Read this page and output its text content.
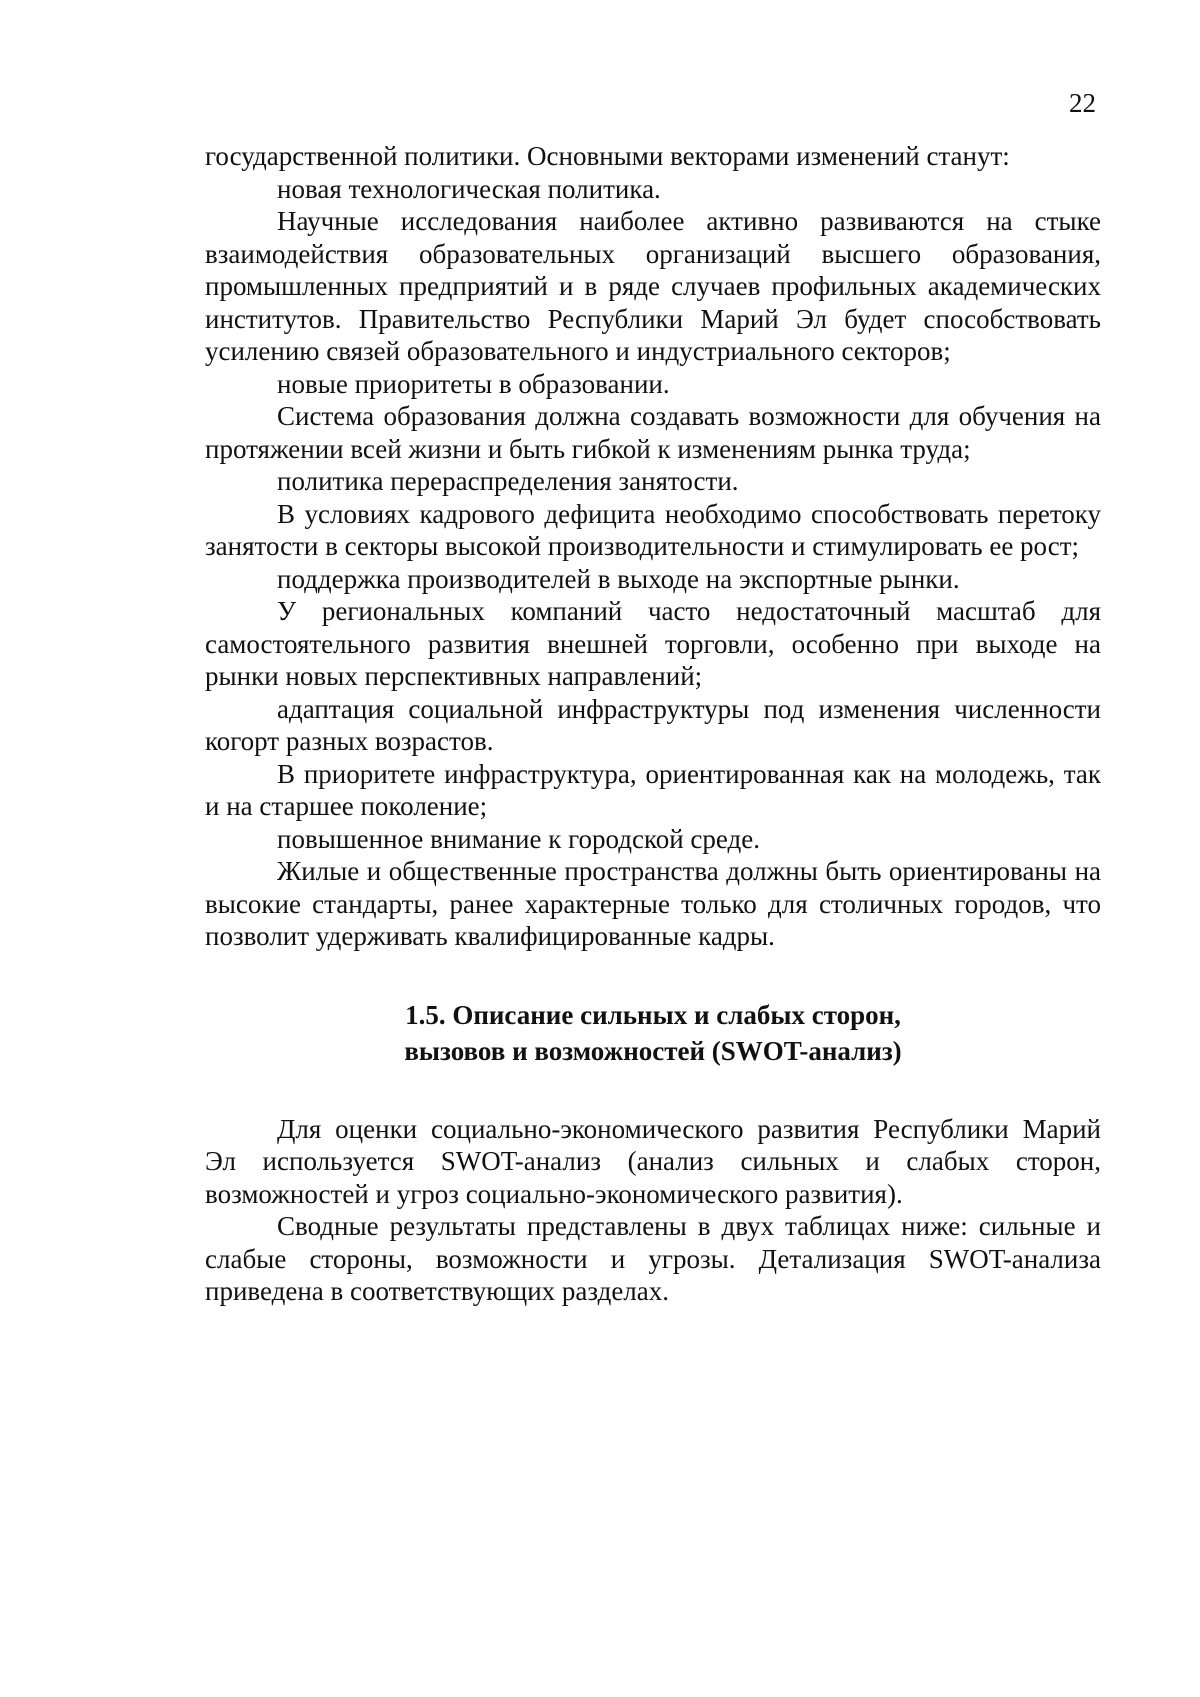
22

государственной политики. Основными векторами изменений станут:

новая технологическая политика.

Научные исследования наиболее активно развиваются на стыке взаимодействия образовательных организаций высшего образования, промышленных предприятий и в ряде случаев профильных академических институтов. Правительство Республики Марий Эл будет способствовать усилению связей образовательного и индустриального секторов;

новые приоритеты в образовании.

Система образования должна создавать возможности для обучения на протяжении всей жизни и быть гибкой к изменениям рынка труда;

политика перераспределения занятости.

В условиях кадрового дефицита необходимо способствовать перетоку занятости в секторы высокой производительности и стимулировать ее рост;

поддержка производителей в выходе на экспортные рынки.

У региональных компаний часто недостаточный масштаб для самостоятельного развития внешней торговли, особенно при выходе на рынки новых перспективных направлений;

адаптация социальной инфраструктуры под изменения численности когорт разных возрастов.

В приоритете инфраструктура, ориентированная как на молодежь, так и на старшее поколение;

повышенное внимание к городской среде.

Жилые и общественные пространства должны быть ориентированы на высокие стандарты, ранее характерные только для столичных городов, что позволит удерживать квалифицированные кадры.

1.5. Описание сильных и слабых сторон,
вызовов и возможностей (SWOT-анализ)

Для оценки социально-экономического развития Республики Марий Эл используется SWOT-анализ (анализ сильных и слабых сторон, возможностей и угроз социально-экономического развития).

Сводные результаты представлены в двух таблицах ниже: сильные и слабые стороны, возможности и угрозы. Детализация SWOT-анализа приведена в соответствующих разделах.
